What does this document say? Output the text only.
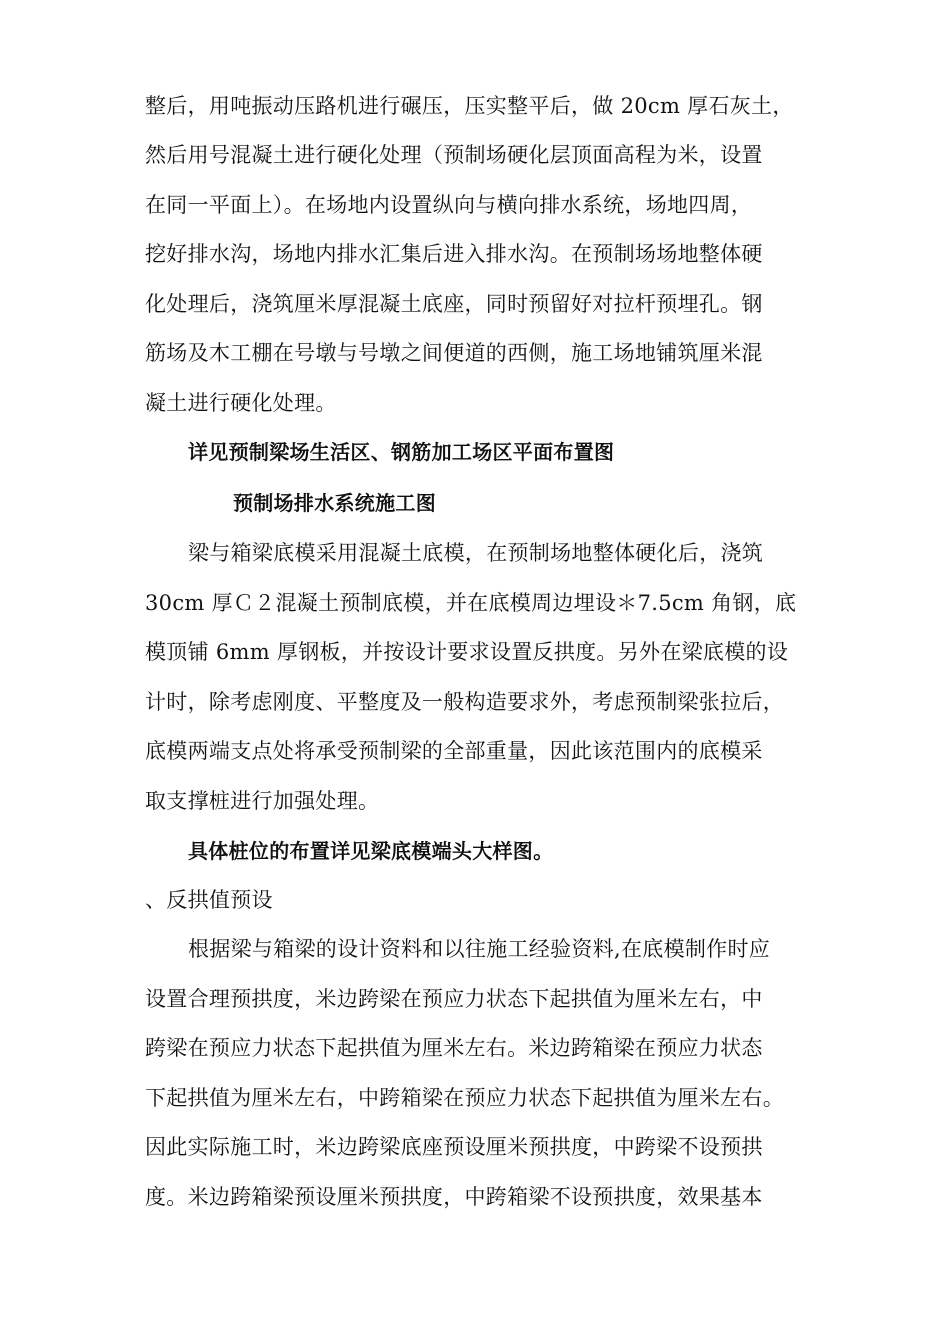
整后，用吨振动压路机进行碾压，压实整平后，做 20cm 厚石灰土，
然后用号混凝土进行硬化处理（预制场硬化层顶面高程为米，设置
在同一平面上）。在场地内设置纵向与横向排水系统，场地四周，
挖好排水沟，场地内排水汇集后进入排水沟。在预制场场地整体硬
化处理后，浇筑厘米厚混凝土底座，同时预留好对拉杆预埋孔。钢
筋场及木工棚在号墩与号墩之间便道的西侧，施工场地铺筑厘米混
凝土进行硬化处理。
详见预制梁场生活区、钢筋加工场区平面布置图
预制场排水系统施工图
梁与箱梁底模采用混凝土底模，在预制场地整体硬化后，浇筑
30cm 厚Ｃ２混凝土预制底模，并在底模周边埋设＊7.5cm 角钢，底
模顶铺 6mm 厚钢板，并按设计要求设置反拱度。另外在梁底模的设
计时，除考虑刚度、平整度及一般构造要求外，考虑预制梁张拉后，
底模两端支点处将承受预制梁的全部重量，因此该范围内的底模采
取支撑桩进行加强处理。
具体桩位的布置详见梁底模端头大样图。
、反拱值预设
根据梁与箱梁的设计资料和以往施工经验资料,在底模制作时应
设置合理预拱度，米边跨梁在预应力状态下起拱值为厘米左右，中
跨梁在预应力状态下起拱值为厘米左右。米边跨箱梁在预应力状态
下起拱值为厘米左右，中跨箱梁在预应力状态下起拱值为厘米左右。
因此实际施工时，米边跨梁底座预设厘米预拱度，中跨梁不设预拱
度。米边跨箱梁预设厘米预拱度，中跨箱梁不设预拱度，效果基本
